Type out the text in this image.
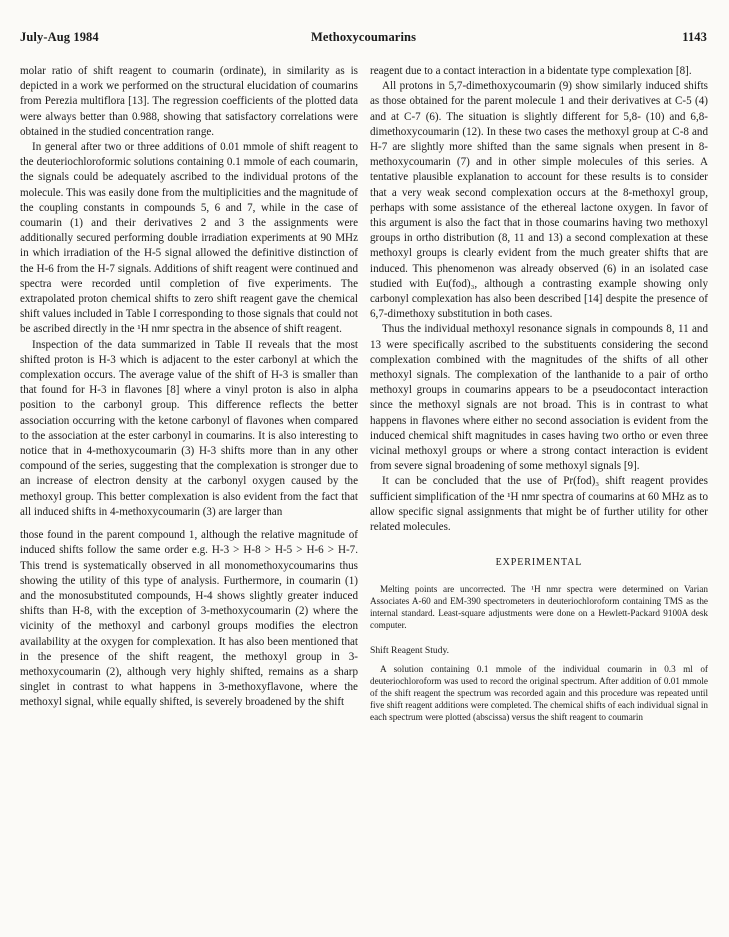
July-Aug 1984	Methoxycoumarins	1143

molar ratio of shift reagent to coumarin (ordinate), in similarity as is depicted in a work we performed on the structural elucidation of coumarins from Perezia multiflora [13]. The regression coefficients of the plotted data were always better than 0.988, showing that satisfactory correlations were obtained in the studied concentration range.

In general after two or three additions of 0.01 mmole of shift reagent to the deuteriochloroformic solutions containing 0.1 mmole of each coumarin, the signals could be adequately ascribed to the individual protons of the molecule. This was easily done from the multiplicities and the magnitude of the coupling constants in compounds 5, 6 and 7, while in the case of coumarin (1) and their derivatives 2 and 3 the assignments were additionally secured performing double irradiation experiments at 90 MHz in which irradiation of the H-5 signal allowed the definitive distinction of the H-6 from the H-7 signals. Additions of shift reagent were continued and spectra were recorded until completion of five experiments. The extrapolated proton chemical shifts to zero shift reagent gave the chemical shift values included in Table I corresponding to those signals that could not be ascribed directly in the ¹H nmr spectra in the absence of shift reagent.

Inspection of the data summarized in Table II reveals that the most shifted proton is H-3 which is adjacent to the ester carbonyl at which the complexation occurs. The average value of the shift of H-3 is smaller than that found for H-3 in flavones [8] where a vinyl proton is also in alpha position to the carbonyl group. This difference reflects the better association occurring with the ketone carbonyl of flavones when compared to the association at the ester carbonyl in coumarins. It is also interesting to notice that in 4-methoxycoumarin (3) H-3 shifts more than in any other compound of the series, suggesting that the complexation is stronger due to an increase of electron density at the carbonyl oxygen caused by the methoxyl group. This better complexation is also evident from the fact that all induced shifts in 4-methoxycoumarin (3) are larger than

those found in the parent compound 1, although the relative magnitude of induced shifts follow the same order e.g. H-3 > H-8 > H-5 > H-6 > H-7. This trend is systematically observed in all monomethoxycoumarins thus showing the utility of this type of analysis. Furthermore, in coumarin (1) and the monosubstituted compounds, H-4 shows slightly greater induced shifts than H-8, with the exception of 3-methoxycoumarin (2) where the vicinity of the methoxyl and carbonyl groups modifies the electron availability at the oxygen for complexation. It has also been mentioned that in the presence of the shift reagent, the methoxyl group in 3-methoxycoumarin (2), although very highly shifted, remains as a sharp singlet in contrast to what happens in 3-methoxyflavone, where the methoxyl signal, while equally shifted, is severely broadened by the shift

reagent due to a contact interaction in a bidentate type complexation [8].

All protons in 5,7-dimethoxycoumarin (9) show similarly induced shifts as those obtained for the parent molecule 1 and their derivatives at C-5 (4) and at C-7 (6). The situation is slightly different for 5,8- (10) and 6,8-dimethoxycoumarin (12). In these two cases the methoxyl group at C-8 and H-7 are slightly more shifted than the same signals when present in 8-methoxycoumarin (7) and in other simple molecules of this series. A tentative plausible explanation to account for these results is to consider that a very weak second complexation occurs at the 8-methoxyl group, perhaps with some assistance of the ethereal lactone oxygen. In favor of this argument is also the fact that in those coumarins having two methoxyl groups in ortho distribution (8, 11 and 13) a second complexation at these methoxyl groups is clearly evident from the much greater shifts that are induced. This phenomenon was already observed (6) in an isolated case studied with Eu(fod)₃, although a contrasting example showing only carbonyl complexation has also been described [14] despite the presence of 6,7-dimethoxy substitution in both cases.

Thus the individual methoxyl resonance signals in compounds 8, 11 and 13 were specifically ascribed to the substituents considering the second complexation combined with the magnitudes of the shifts of all other methoxyl signals. The complexation of the lanthanide to a pair of ortho methoxyl groups in coumarins appears to be a pseudocontact interaction since the methoxyl signals are not broad. This is in contrast to what happens in flavones where either no second association is evident from the induced chemical shift magnitudes in cases having two ortho or even three vicinal methoxyl groups or where a strong contact interaction is evident from severe signal broadening of some methoxyl signals [9].

It can be concluded that the use of Pr(fod)₃ shift reagent provides sufficient simplification of the ¹H nmr spectra of coumarins at 60 MHz as to allow specific signal assignments that might be of further utility for other related molecules.

EXPERIMENTAL

Melting points are uncorrected. The ¹H nmr spectra were determined on Varian Associates A-60 and EM-390 spectrometers in deuteriochloroform containing TMS as the internal standard. Least-square adjustments were done on a Hewlett-Packard 9100A desk computer.

Shift Reagent Study.

A solution containing 0.1 mmole of the individual coumarin in 0.3 ml of deuteriochloroform was used to record the original spectrum. After addition of 0.01 mmole of the shift reagent the spectrum was recorded again and this procedure was repeated until five shift reagent additions were completed. The chemical shifts of each individual signal in each spectrum were plotted (abscissa) versus the shift reagent to coumarin
